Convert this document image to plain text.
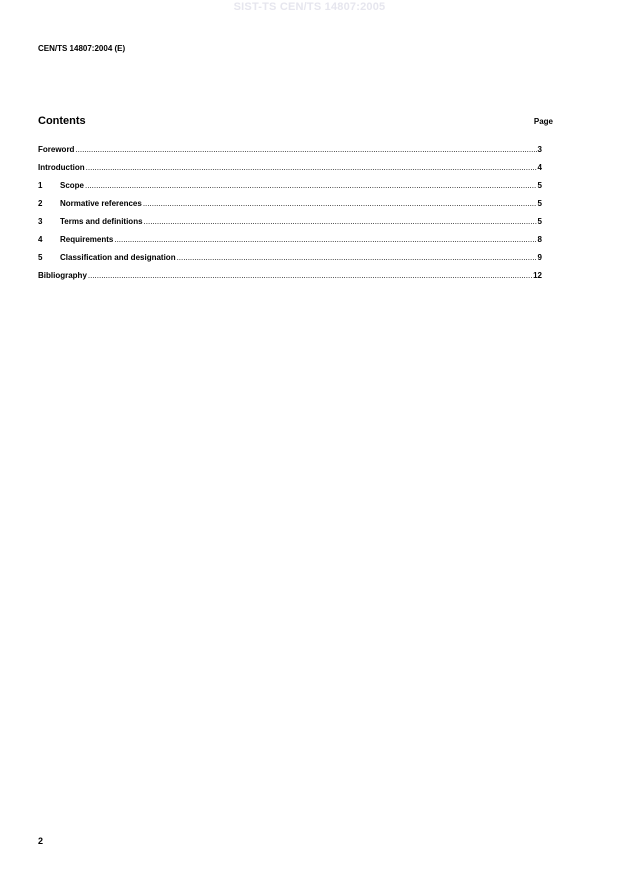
SIST-TS CEN/TS 14807:2005
CEN/TS 14807:2004 (E)
Contents	Page
Foreword .....	3
Introduction .....	4
1	Scope .....	5
2	Normative references .....	5
3	Terms and definitions .....	5
4	Requirements .....	8
5	Classification and designation .....	9
Bibliography .....	12
2
